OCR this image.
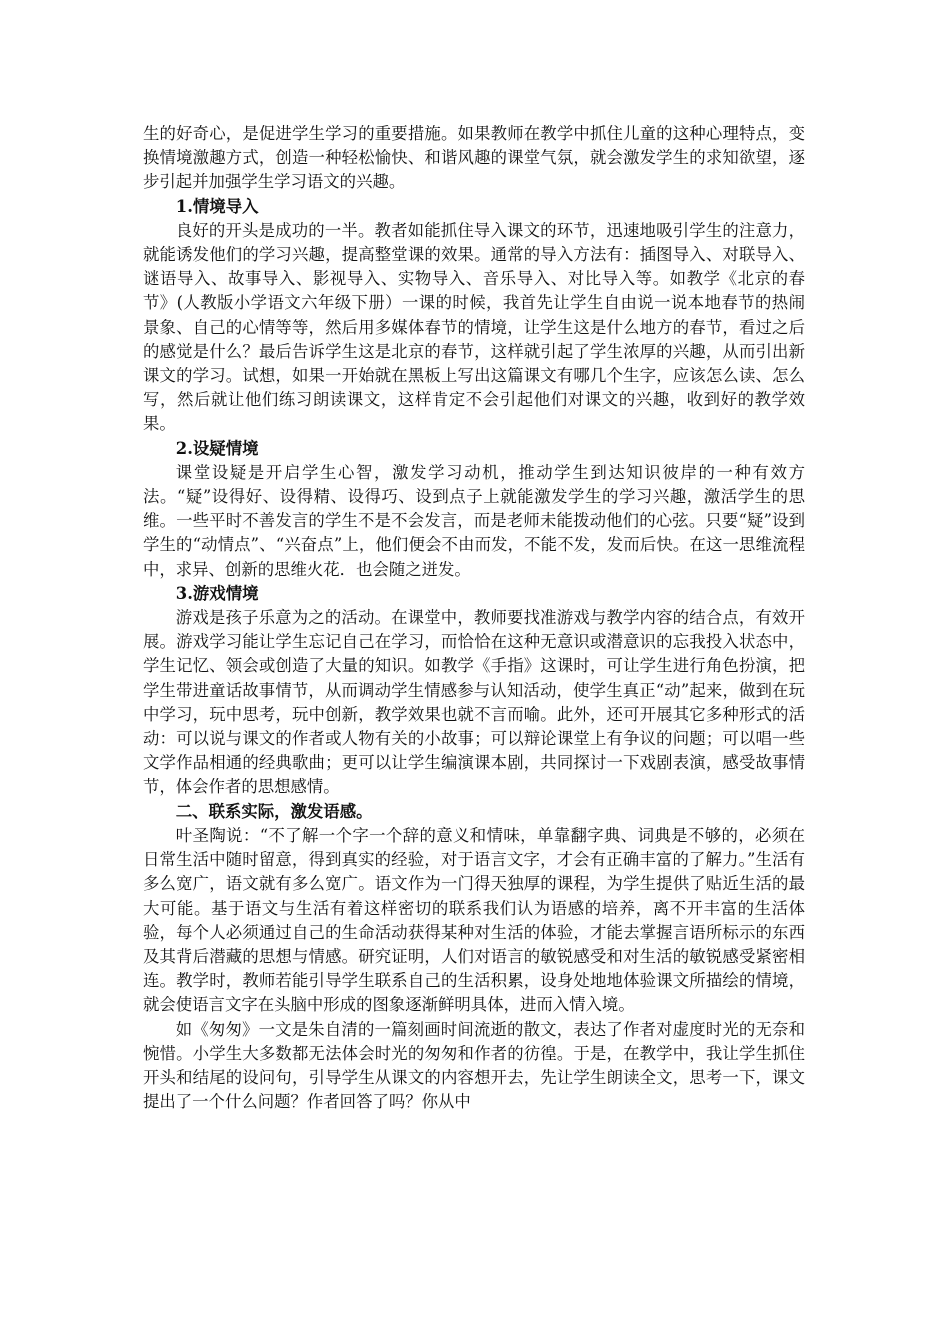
生的好奇心，是促进学生学习的重要措施。如果教师在教学中抓住儿童的这种心理特点，变换情境激趣方式，创造一种轻松愉快、和谐风趣的课堂气氛，就会激发学生的求知欲望，逐步引起并加强学生学习语文的兴趣。

1.情境导入

良好的开头是成功的一半。教者如能抓住导入课文的环节，迅速地吸引学生的注意力，就能诱发他们的学习兴趣，提高整堂课的效果。通常的导入方法有：插图导入、对联导入、谜语导入、故事导入、影视导入、实物导入、音乐导入、对比导入等。如教学《北京的春节》(人教版小学语文六年级下册）一课的时候，我首先让学生自由说一说本地春节的热闹景象、自己的心情等等，然后用多媒体春节的情境，让学生这是什么地方的春节，看过之后的感觉是什么？最后告诉学生这是北京的春节，这样就引起了学生浓厚的兴趣，从而引出新课文的学习。试想，如果一开始就在黑板上写出这篇课文有哪几个生字，应该怎么读、怎么写，然后就让他们练习朗读课文，这样肯定不会引起他们对课文的兴趣，收到好的教学效果。

2.设疑情境

课堂设疑是开启学生心智，激发学习动机，推动学生到达知识彼岸的一种有效方法。“疑”设得好、设得精、设得巧、设到点子上就能激发学生的学习兴趣，激活学生的思维。一些平时不善发言的学生不是不会发言，而是老师未能拨动他们的心弦。只要“疑”设到学生的“动情点”、“兴奋点”上，他们便会不由而发，不能不发，发而后快。在这一思维流程中，求异、创新的思维火花．也会随之迸发。

3.游戏情境

游戏是孩子乐意为之的活动。在课堂中，教师要找准游戏与教学内容的结合点，有效开展。游戏学习能让学生忘记自己在学习，而恰恰在这种无意识或潜意识的忘我投入状态中，学生记忆、领会或创造了大量的知识。如教学《手指》这课时，可让学生进行角色扮演，把学生带进童话故事情节，从而调动学生情感参与认知活动，使学生真正“动”起来，做到在玩中学习，玩中思考，玩中创新，教学效果也就不言而喻。此外，还可开展其它多种形式的活动：可以说与课文的作者或人物有关的小故事；可以辩论课堂上有争议的问题；可以唱一些文学作品相通的经典歌曲；更可以让学生编演课本剧，共同探讨一下戏剧表演，感受故事情节，体会作者的思想感情。

二、联系实际，激发语感。

叶圣陶说：“不了解一个字一个辞的意义和情味，单靠翻字典、词典是不够的，必须在日常生活中随时留意，得到真实的经验，对于语言文字，才会有正确丰富的了解力。”生活有多么宽广，语文就有多么宽广。语文作为一门得天独厚的课程，为学生提供了贴近生活的最大可能。基于语文与生活有着这样密切的联系我们认为语感的培养，离不开丰富的生活体验，每个人必须通过自己的生命活动获得某种对生活的体验，才能去掌握言语所标示的东西及其背后潜藏的思想与情感。研究证明，人们对语言的敏锐感受和对生活的敏锐感受紧密相连。教学时，教师若能引导学生联系自己的生活积累，设身处地地体验课文所描绘的情境，就会使语言文字在头脑中形成的图象逐渐鲜明具体，进而入情入境。

如《匆匆》一文是朱自清的一篇刻画时间流逝的散文，表达了作者对虚度时光的无奈和惋惜。小学生大多数都无法体会时光的匆匆和作者的彷徨。于是，在教学中，我让学生抓住开头和结尾的设问句，引导学生从课文的内容想开去，先让学生朗读全文，思考一下，课文提出了一个什么问题？作者回答了吗？你从中
